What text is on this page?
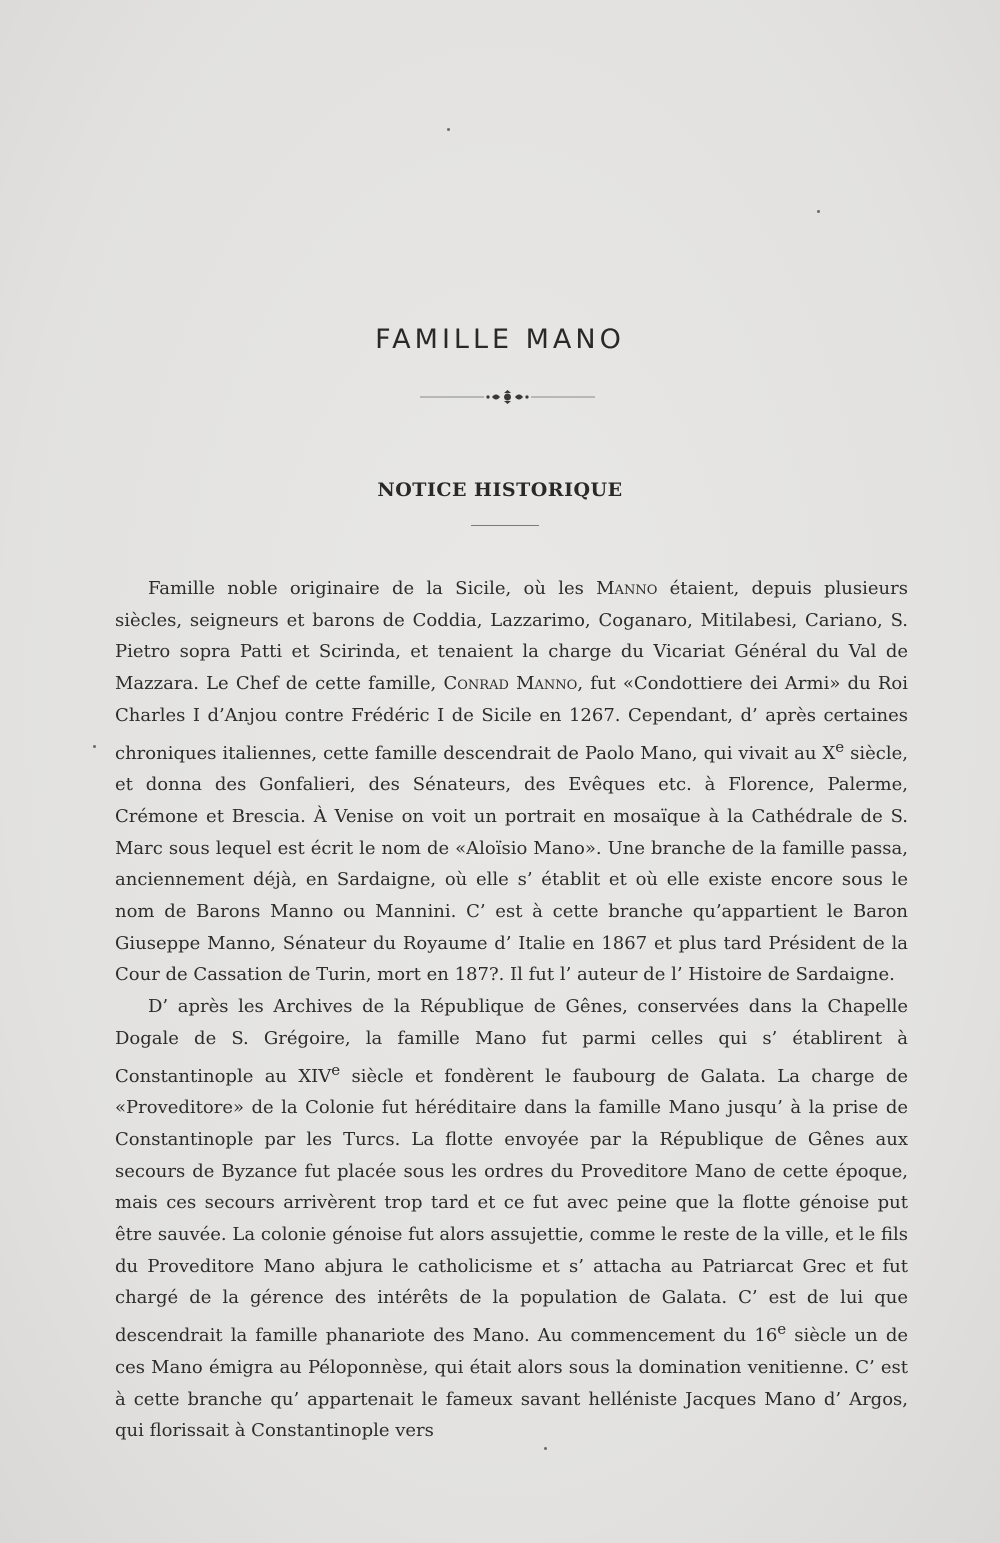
FAMILLE MANO
NOTICE HISTORIQUE

Famille noble originaire de la Sicile, où les Manno étaient, depuis plusieurs siècles, seigneurs et barons de Coddia, Lazzarimo, Coganaro, Mitilabesi, Cariano, S. Pietro sopra Patti et Scirinda, et tenaient la charge du Vicariat Général du Val de Mazzara. Le Chef de cette famille, Conrad Manno, fut «Condottiere dei Armi» du Roi Charles I d’Anjou contre Frédéric I de Sicile en 1267. Cependant, d’ après certaines chroniques italiennes, cette famille descendrait de Paolo Mano, qui vivait au Xe siècle, et donna des Gonfalieri, des Sénateurs, des Evêques etc. à Florence, Palerme, Crémone et Brescia. À Venise on voit un portrait en mosaïque à la Cathédrale de S. Marc sous lequel est écrit le nom de «Aloïsio Mano». Une branche de la famille passa, anciennement déjà, en Sardaigne, où elle s’ établit et où elle existe encore sous le nom de Barons Manno ou Mannini. C’ est à cette branche qu’appartient le Baron Giuseppe Manno, Sénateur du Royaume d’ Italie en 1867 et plus tard Président de la Cour de Cassation de Turin, mort en 187?. Il fut l’ auteur de l’ Histoire de Sardaigne.

D’ après les Archives de la République de Gênes, conservées dans la Chapelle Dogale de S. Grégoire, la famille Mano fut parmi celles qui s’ établirent à Constantinople au XIVe siècle et fondèrent le faubourg de Galata. La charge de «Proveditore» de la Colonie fut héréditaire dans la famille Mano jusqu’ à la prise de Constantinople par les Turcs. La flotte envoyée par la République de Gênes aux secours de Byzance fut placée sous les ordres du Proveditore Mano de cette époque, mais ces secours arrivèrent trop tard et ce fut avec peine que la flotte génoise put être sauvée. La colonie génoise fut alors assujettie, comme le reste de la ville, et le fils du Proveditore Mano abjura le catholicisme et s’ attacha au Patriarcat Grec et fut chargé de la gérence des intérêts de la population de Galata. C’ est de lui que descendrait la famille phanariote des Mano. Au commencement du 16e siècle un de ces Mano émigra au Péloponnèse, qui était alors sous la domination venitienne. C’ est à cette branche qu’ appartenait le fameux savant helléniste Jacques Mano d’ Argos, qui florissait à Constantinople vers
